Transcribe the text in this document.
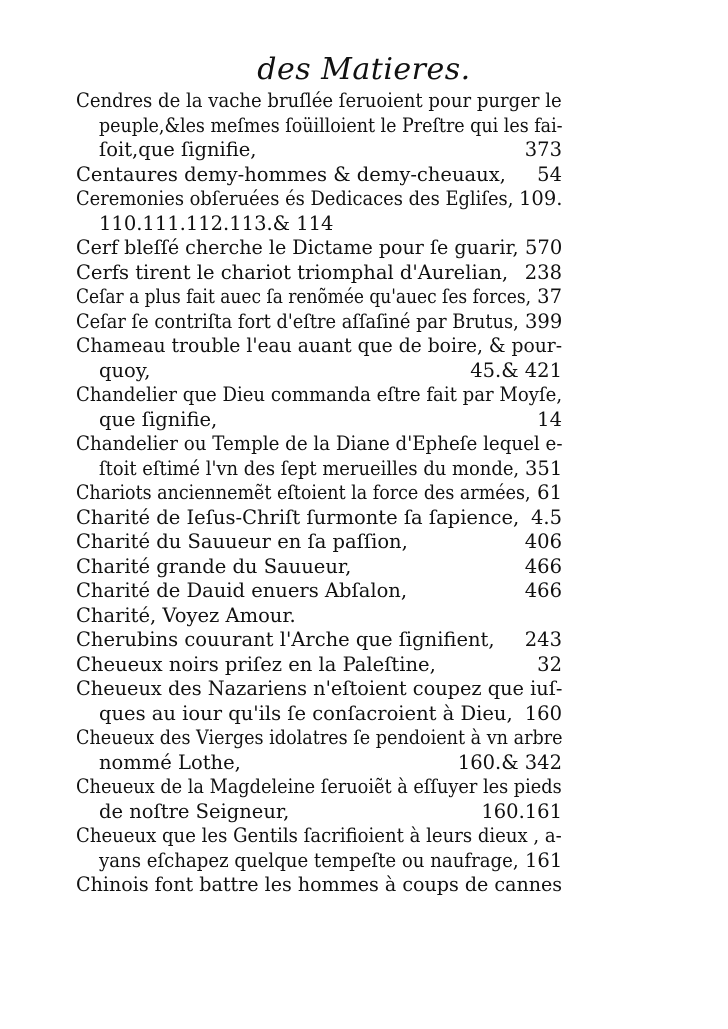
des Matieres.
Cendres de la vache bruſlée ſeruoient pour purger le
peuple,&les meſmes ſoüilloient le Preſtre qui les fai-
ſoit,que ſignifie,	373
Centaures demy-hommes & demy-cheuaux,	54
Ceremonies obſeruées és Dedicaces des Egliſes, 109.
110.111.112.113.& 114
Cerf bleſſé cherche le Dictame pour ſe guarir, 570
Cerfs tirent le chariot triomphal d'Aurelian, 238
Ceſar a plus fait auec ſa renõmée qu'auec ſes forces, 37
Ceſar ſe contriſta fort d'eſtre aſſaſiné par Brutus, 399
Chameau trouble l'eau auant que de boire, & pour-
quoy,	45.& 421
Chandelier que Dieu commanda eſtre fait par Moyſe,
que ſignifie,	14
Chandelier ou Temple de la Diane d'Epheſe lequel e-
ſtoit eſtimé l'vn des ſept merueilles du monde, 351
Chariots anciennemẽt eſtoient la force des armées, 61
Charité de Ieſus-Chriſt ſurmonte ſa ſapience, 4.5
Charité du Sauueur en ſa paſſion,	406
Charité grande du Sauueur,	466
Charité de Dauid enuers Abſalon,	466
Charité, Voyez Amour.
Cherubins couurant l'Arche que ſignifient,	243
Cheueux noirs priſez en la Paleſtine,	32
Cheueux des Nazariens n'eſtoient coupez que iuſ-
ques au iour qu'ils ſe conſacroient à Dieu, 160
Cheueux des Vierges idolatres ſe pendoient à vn arbre
nommé Lothe,	160.& 342
Cheueux de la Magdeleine ſeruoiẽt à eſſuyer les pieds
de noſtre Seigneur,	160.161
Cheueux que les Gentils ſacrifioient à leurs dieux , a-
yans eſchapez quelque tempeſte ou naufrage, 161
Chinois font battre les hommes à coups de cannes
